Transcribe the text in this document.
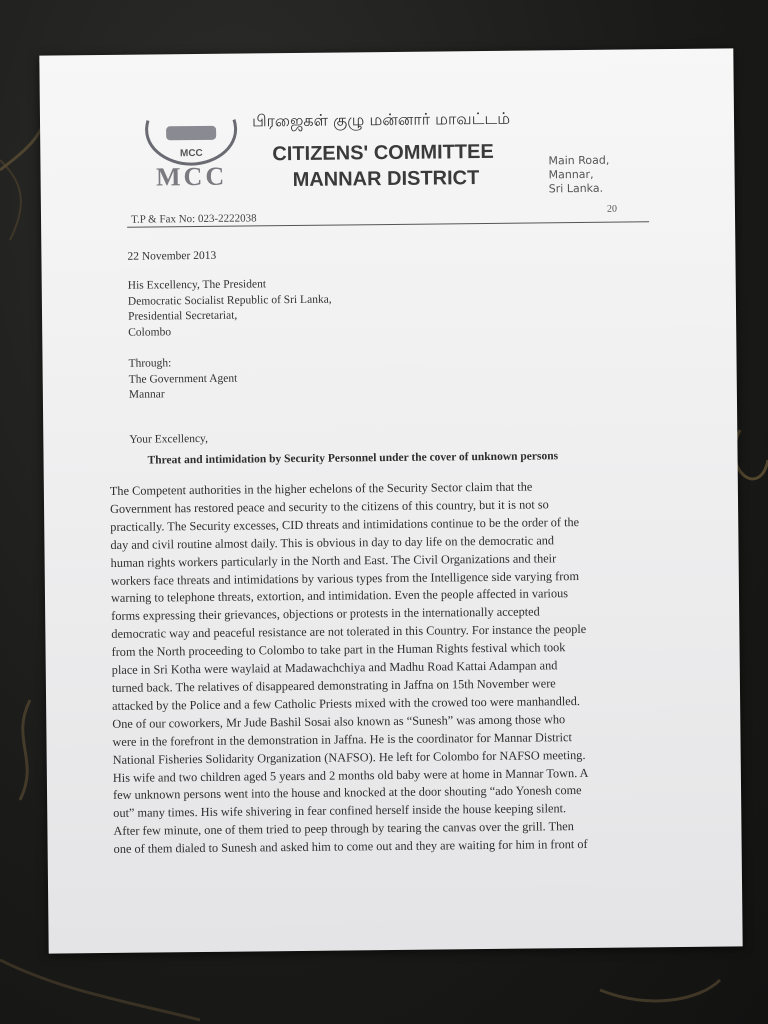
MCC
MCC
பிரஜைகள் குழு மன்னார் மாவட்டம்
CITIZENS' COMMITTEE
MANNAR DISTRICT
Main Road,
Mannar,
Sri Lanka.
T.P & Fax No: 023-2222038
20
22 November 2013
His Excellency, The President
Democratic Socialist Republic of Sri Lanka,
Presidential Secretariat,
Colombo
Through:
The Government Agent
Mannar
Your Excellency,
Threat and intimidation by Security Personnel under the cover of unknown persons
The Competent authorities in the higher echelons of the Security Sector claim that the
Government has restored peace and security to the citizens of this country, but it is not so
practically. The Security excesses, CID threats and intimidations continue to be the order of the
day and civil routine almost daily. This is obvious in day to day life on the democratic and
human rights workers particularly in the North and East. The Civil Organizations and their
workers face threats and intimidations by various types from the Intelligence side varying from
warning to telephone threats, extortion, and intimidation. Even the people affected in various
forms expressing their grievances, objections or protests in the internationally accepted
democratic way and peaceful resistance are not tolerated in this Country. For instance the people
from the North proceeding to Colombo to take part in the Human Rights festival which took
place in Sri Kotha were waylaid at Madawachchiya and Madhu Road Kattai Adampan and
turned back. The relatives of disappeared demonstrating in Jaffna on 15th November were
attacked by the Police and a few Catholic Priests mixed with the crowed too were manhandled.
One of our coworkers, Mr Jude Bashil Sosai also known as “Sunesh” was among those who
were in the forefront in the demonstration in Jaffna. He is the coordinator for Mannar District
National Fisheries Solidarity Organization (NAFSO). He left for Colombo for NAFSO meeting.
His wife and two children aged 5 years and 2 months old baby were at home in Mannar Town. A
few unknown persons went into the house and knocked at the door shouting “ado Yonesh come
out” many times. His wife shivering in fear confined herself inside the house keeping silent.
After few minute, one of them tried to peep through by tearing the canvas over the grill. Then
one of them dialed to Sunesh and asked him to come out and they are waiting for him in front of
